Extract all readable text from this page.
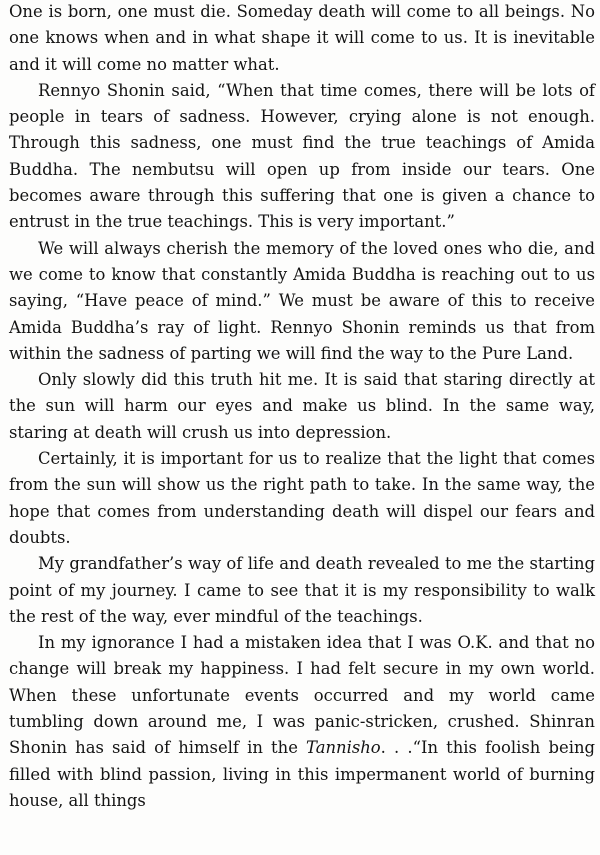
One is born, one must die. Someday death will come to all beings. No one knows when and in what shape it will come to us. It is inevitable and it will come no matter what.

Rennyo Shonin said, “When that time comes, there will be lots of people in tears of sadness. However, crying alone is not enough. Through this sadness, one must find the true teachings of Amida Buddha. The nembutsu will open up from inside our tears. One becomes aware through this suffering that one is given a chance to entrust in the true teachings. This is very important.”

We will always cherish the memory of the loved ones who die, and we come to know that constantly Amida Buddha is reaching out to us saying, “Have peace of mind.” We must be aware of this to receive Amida Buddha’s ray of light. Rennyo Shonin reminds us that from within the sadness of parting we will find the way to the Pure Land.

Only slowly did this truth hit me. It is said that staring directly at the sun will harm our eyes and make us blind. In the same way, staring at death will crush us into depression.

Certainly, it is important for us to realize that the light that comes from the sun will show us the right path to take. In the same way, the hope that comes from understanding death will dispel our fears and doubts.

My grandfather’s way of life and death revealed to me the starting point of my journey. I came to see that it is my responsibility to walk the rest of the way, ever mindful of the teachings.

In my ignorance I had a mistaken idea that I was O.K. and that no change will break my happiness. I had felt secure in my own world. When these unfortunate events occurred and my world came tumbling down around me, I was panic-stricken, crushed. Shinran Shonin has said of himself in the Tannisho. . .“In this foolish being filled with blind passion, living in this impermanent world of burning house, all things
